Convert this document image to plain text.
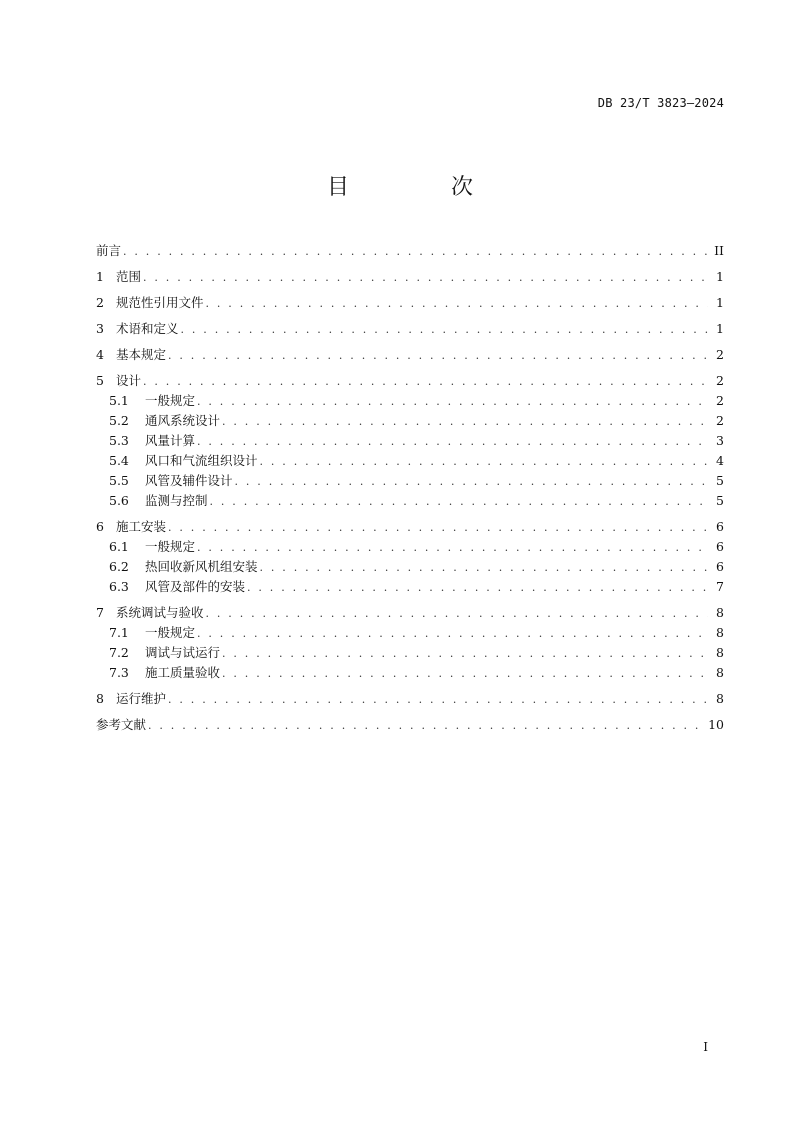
DB 23/T 3823—2024
目　次
前言 . . .	II
1 范围 . . .	1
2 规范性引用文件 . . .	1
3 术语和定义 . . .	1
4 基本规定 . . .	2
5 设计 . . .	2
5.1	一般规定 . . .	2
5.2	通风系统设计 . . .	2
5.3	风量计算 . . .	3
5.4	风口和气流组织设计 . . .	4
5.5	风管及辅件设计 . . .	5
5.6	监测与控制 . . .	5
6 施工安装 . . .	6
6.1	一般规定 . . .	6
6.2	热回收新风机组安装 . . .	6
6.3	风管及部件的安装 . . .	7
7 系统调试与验收 . . .	8
7.1	一般规定 . . .	8
7.2	调试与试运行 . . .	8
7.3	施工质量验收 . . .	8
8 运行维护 . . .	8
参考文献 . . .	10
I
